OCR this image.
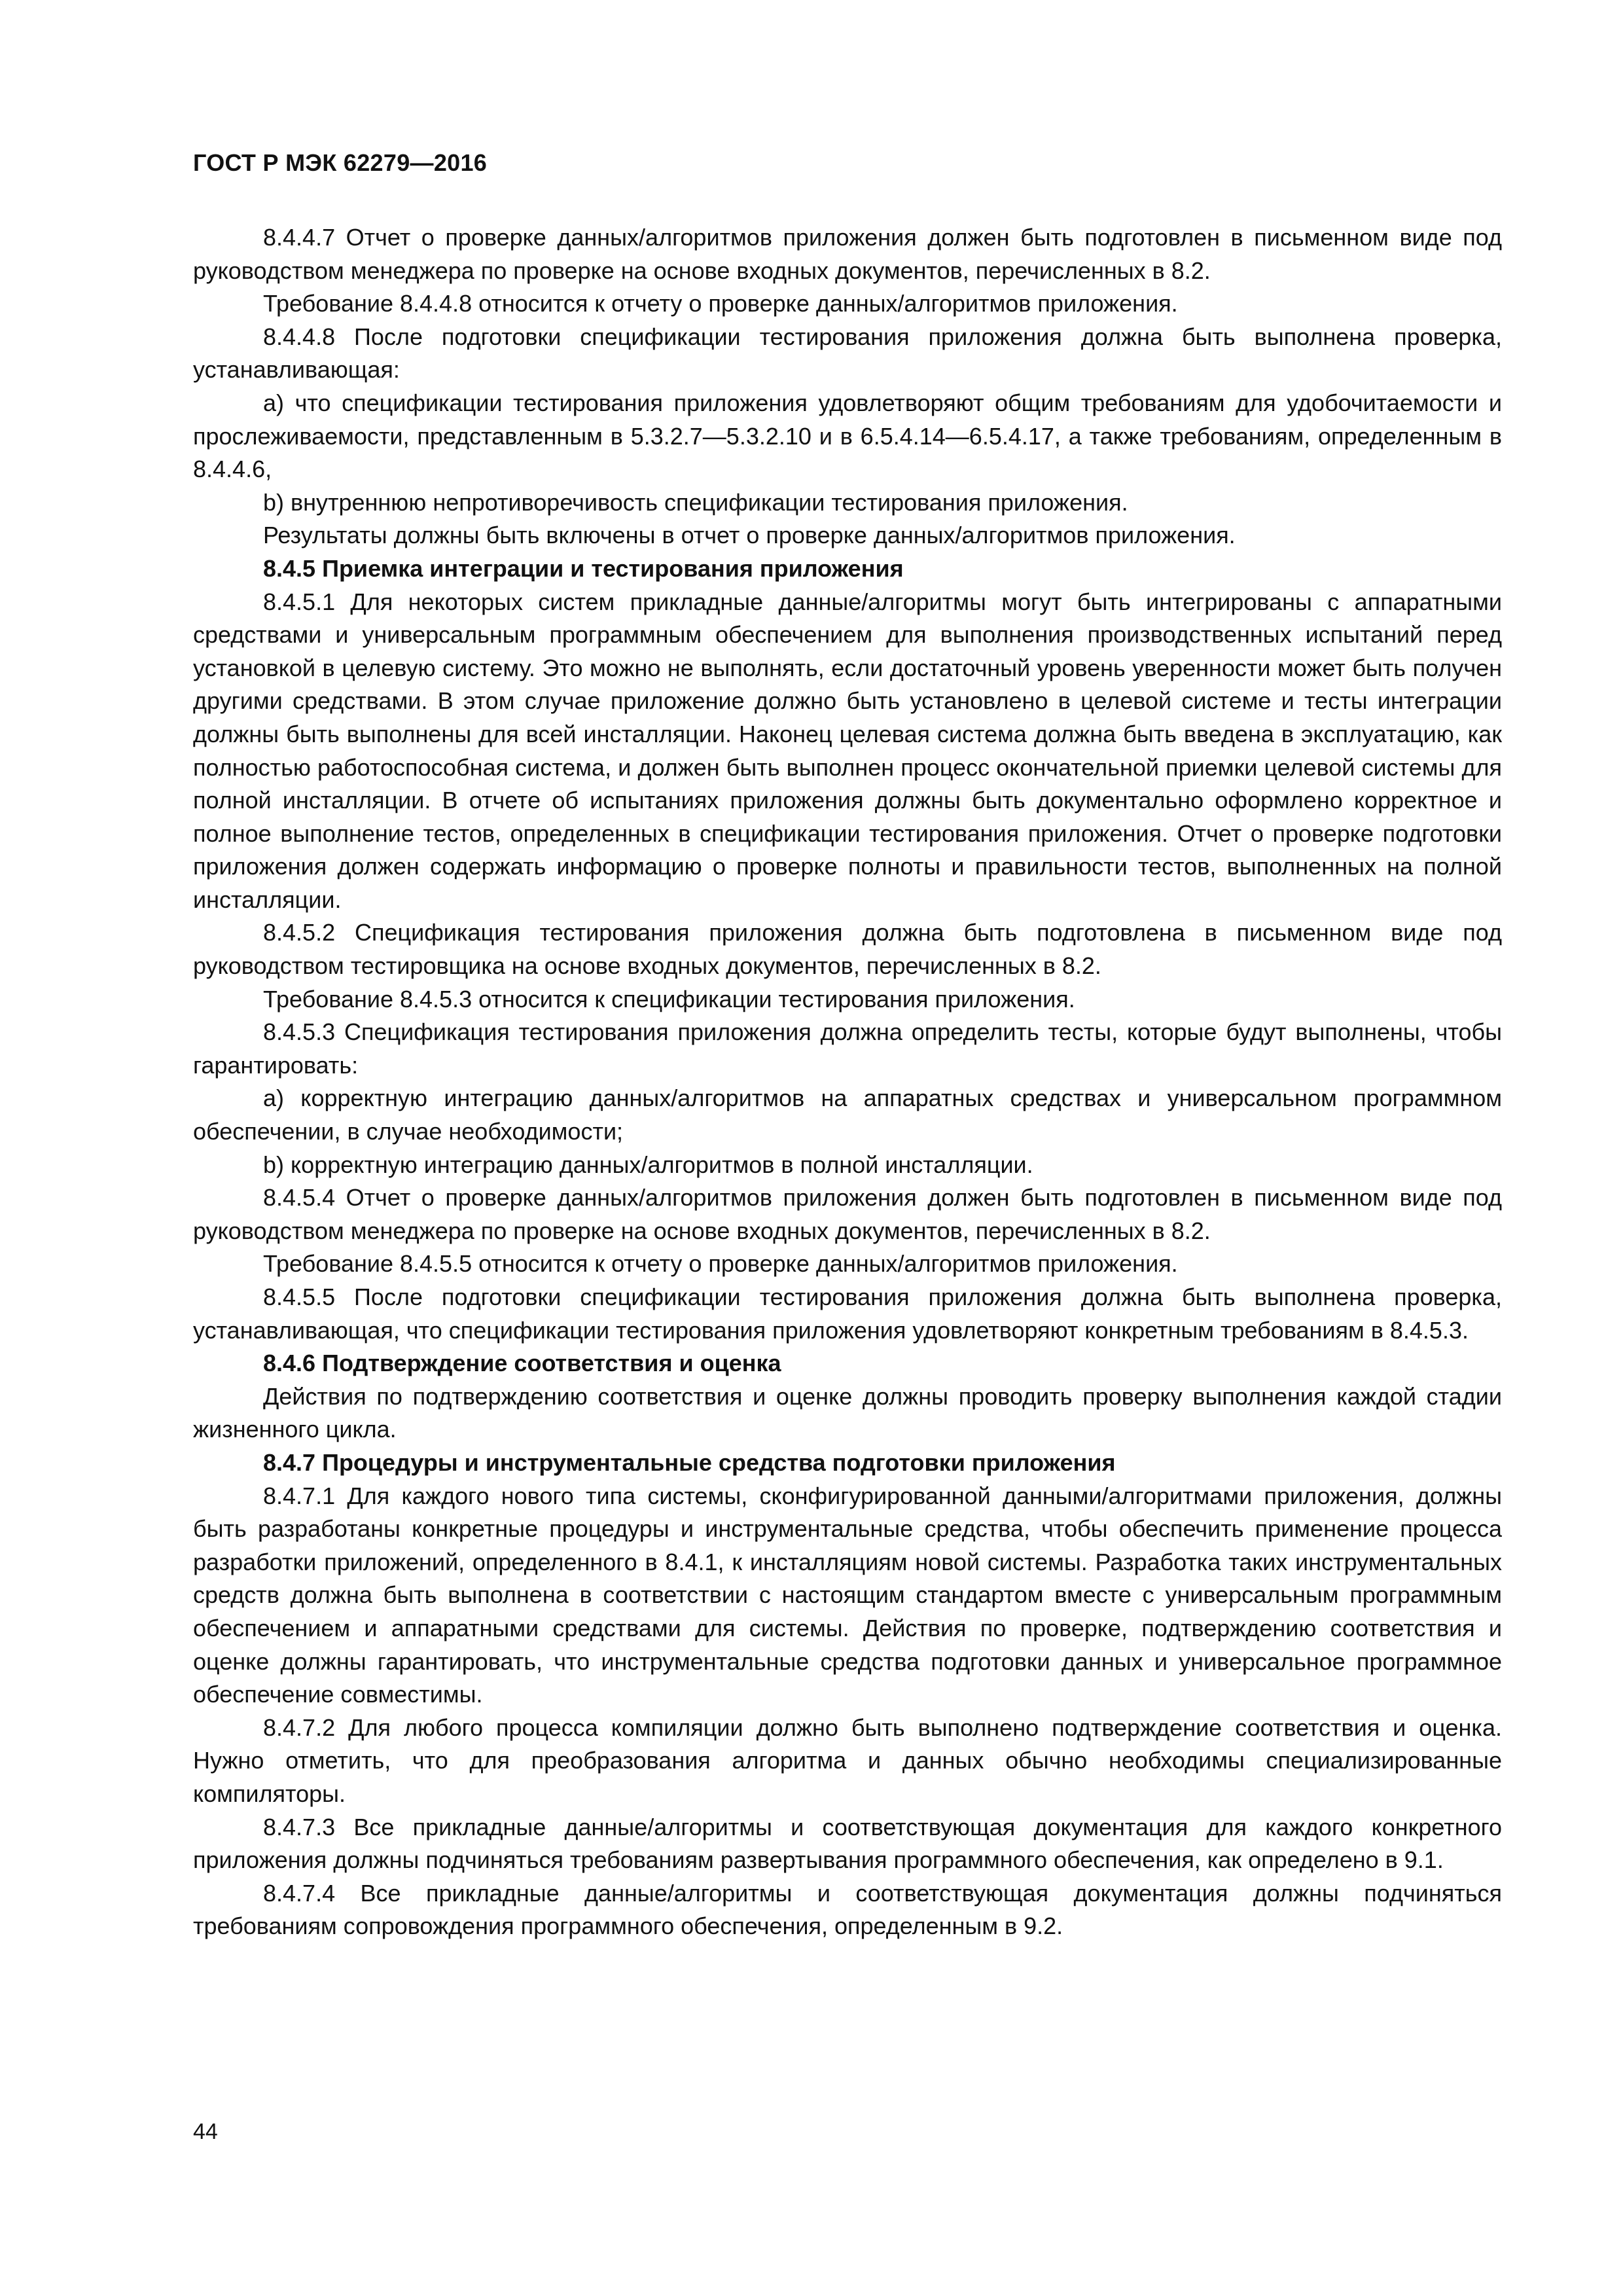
ГОСТ Р МЭК 62279—2016

8.4.4.7 Отчет о проверке данных/алгоритмов приложения должен быть подготовлен в письменном виде под руководством менеджера по проверке на основе входных документов, перечисленных в 8.2.

Требование 8.4.4.8 относится к отчету о проверке данных/алгоритмов приложения.

8.4.4.8 После подготовки спецификации тестирования приложения должна быть выполнена проверка, устанавливающая:

a) что спецификации тестирования приложения удовлетворяют общим требованиям для удобочитаемости и прослеживаемости, представленным в 5.3.2.7—5.3.2.10 и в 6.5.4.14—6.5.4.17, а также требованиям, определенным в 8.4.4.6,

b) внутреннюю непротиворечивость спецификации тестирования приложения.

Результаты должны быть включены в отчет о проверке данных/алгоритмов приложения.

8.4.5 Приемка интеграции и тестирования приложения

8.4.5.1 Для некоторых систем прикладные данные/алгоритмы могут быть интегрированы с аппаратными средствами и универсальным программным обеспечением для выполнения производственных испытаний перед установкой в целевую систему. Это можно не выполнять, если достаточный уровень уверенности может быть получен другими средствами. В этом случае приложение должно быть установлено в целевой системе и тесты интеграции должны быть выполнены для всей инсталляции. Наконец целевая система должна быть введена в эксплуатацию, как полностью работоспособная система, и должен быть выполнен процесс окончательной приемки целевой системы для полной инсталляции. В отчете об испытаниях приложения должны быть документально оформлено корректное и полное выполнение тестов, определенных в спецификации тестирования приложения. Отчет о проверке подготовки приложения должен содержать информацию о проверке полноты и правильности тестов, выполненных на полной инсталляции.

8.4.5.2 Спецификация тестирования приложения должна быть подготовлена в письменном виде под руководством тестировщика на основе входных документов, перечисленных в 8.2.

Требование 8.4.5.3 относится к спецификации тестирования приложения.

8.4.5.3 Спецификация тестирования приложения должна определить тесты, которые будут выполнены, чтобы гарантировать:

a) корректную интеграцию данных/алгоритмов на аппаратных средствах и универсальном программном обеспечении, в случае необходимости;

b) корректную интеграцию данных/алгоритмов в полной инсталляции.

8.4.5.4 Отчет о проверке данных/алгоритмов приложения должен быть подготовлен в письменном виде под руководством менеджера по проверке на основе входных документов, перечисленных в 8.2.

Требование 8.4.5.5 относится к отчету о проверке данных/алгоритмов приложения.

8.4.5.5 После подготовки спецификации тестирования приложения должна быть выполнена проверка, устанавливающая, что спецификации тестирования приложения удовлетворяют конкретным требованиям в 8.4.5.3.

8.4.6 Подтверждение соответствия и оценка

Действия по подтверждению соответствия и оценке должны проводить проверку выполнения каждой стадии жизненного цикла.

8.4.7 Процедуры и инструментальные средства подготовки приложения

8.4.7.1 Для каждого нового типа системы, сконфигурированной данными/алгоритмами приложения, должны быть разработаны конкретные процедуры и инструментальные средства, чтобы обеспечить применение процесса разработки приложений, определенного в 8.4.1, к инсталляциям новой системы. Разработка таких инструментальных средств должна быть выполнена в соответствии с настоящим стандартом вместе с универсальным программным обеспечением и аппаратными средствами для системы. Действия по проверке, подтверждению соответствия и оценке должны гарантировать, что инструментальные средства подготовки данных и универсальное программное обеспечение совместимы.

8.4.7.2 Для любого процесса компиляции должно быть выполнено подтверждение соответствия и оценка. Нужно отметить, что для преобразования алгоритма и данных обычно необходимы специализированные компиляторы.

8.4.7.3 Все прикладные данные/алгоритмы и соответствующая документация для каждого конкретного приложения должны подчиняться требованиям развертывания программного обеспечения, как определено в 9.1.

8.4.7.4 Все прикладные данные/алгоритмы и соответствующая документация должны подчиняться требованиям сопровождения программного обеспечения, определенным в 9.2.

44
